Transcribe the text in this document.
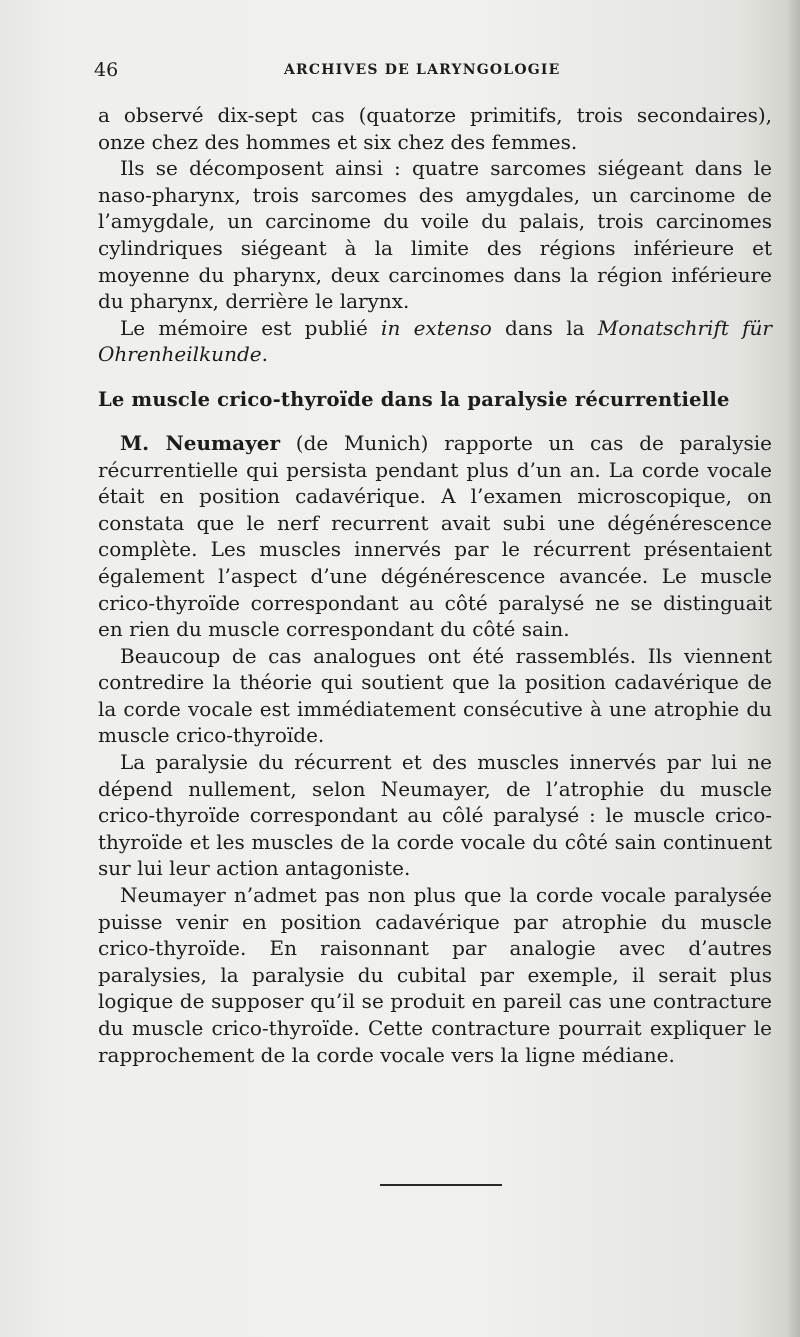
46	ARCHIVES DE LARYNGOLOGIE

a observé dix-sept cas (quatorze primitifs, trois secondaires), onze chez des hommes et six chez des femmes.

Ils se décomposent ainsi : quatre sarcomes siégeant dans le naso-pharynx, trois sarcomes des amygdales, un carcinome de l’amygdale, un carcinome du voile du palais, trois carcinomes cylindriques siégeant à la limite des régions inférieure et moyenne du pharynx, deux carcinomes dans la région inférieure du pharynx, derrière le larynx.

Le mémoire est publié in extenso dans la Monatschrift für Ohrenheilkunde.

Le muscle crico-thyroïde dans la paralysie récurrentielle

M. Neumayer (de Munich) rapporte un cas de paralysie récurrentielle qui persista pendant plus d’un an. La corde vocale était en position cadavérique. A l’examen microscopique, on constata que le nerf recurrent avait subi une dégénérescence complète. Les muscles innervés par le récurrent présentaient également l’aspect d’une dégénérescence avancée. Le muscle crico-thyroïde correspondant au côté paralysé ne se distinguait en rien du muscle correspondant du côté sain.

Beaucoup de cas analogues ont été rassemblés. Ils viennent contredire la théorie qui soutient que la position cadavérique de la corde vocale est immédiatement consécutive à une atrophie du muscle crico-thyroïde.

La paralysie du récurrent et des muscles innervés par lui ne dépend nullement, selon Neumayer, de l’atrophie du muscle crico-thyroïde correspondant au côlé paralysé : le muscle crico-thyroïde et les muscles de la corde vocale du côté sain continuent sur lui leur action antagoniste.

Neumayer n’admet pas non plus que la corde vocale paralysée puisse venir en position cadavérique par atrophie du muscle crico-thyroïde. En raisonnant par analogie avec d’autres paralysies, la paralysie du cubital par exemple, il serait plus logique de supposer qu’il se produit en pareil cas une contracture du muscle crico-thyroïde. Cette contracture pourrait expliquer le rapprochement de la corde vocale vers la ligne médiane.
